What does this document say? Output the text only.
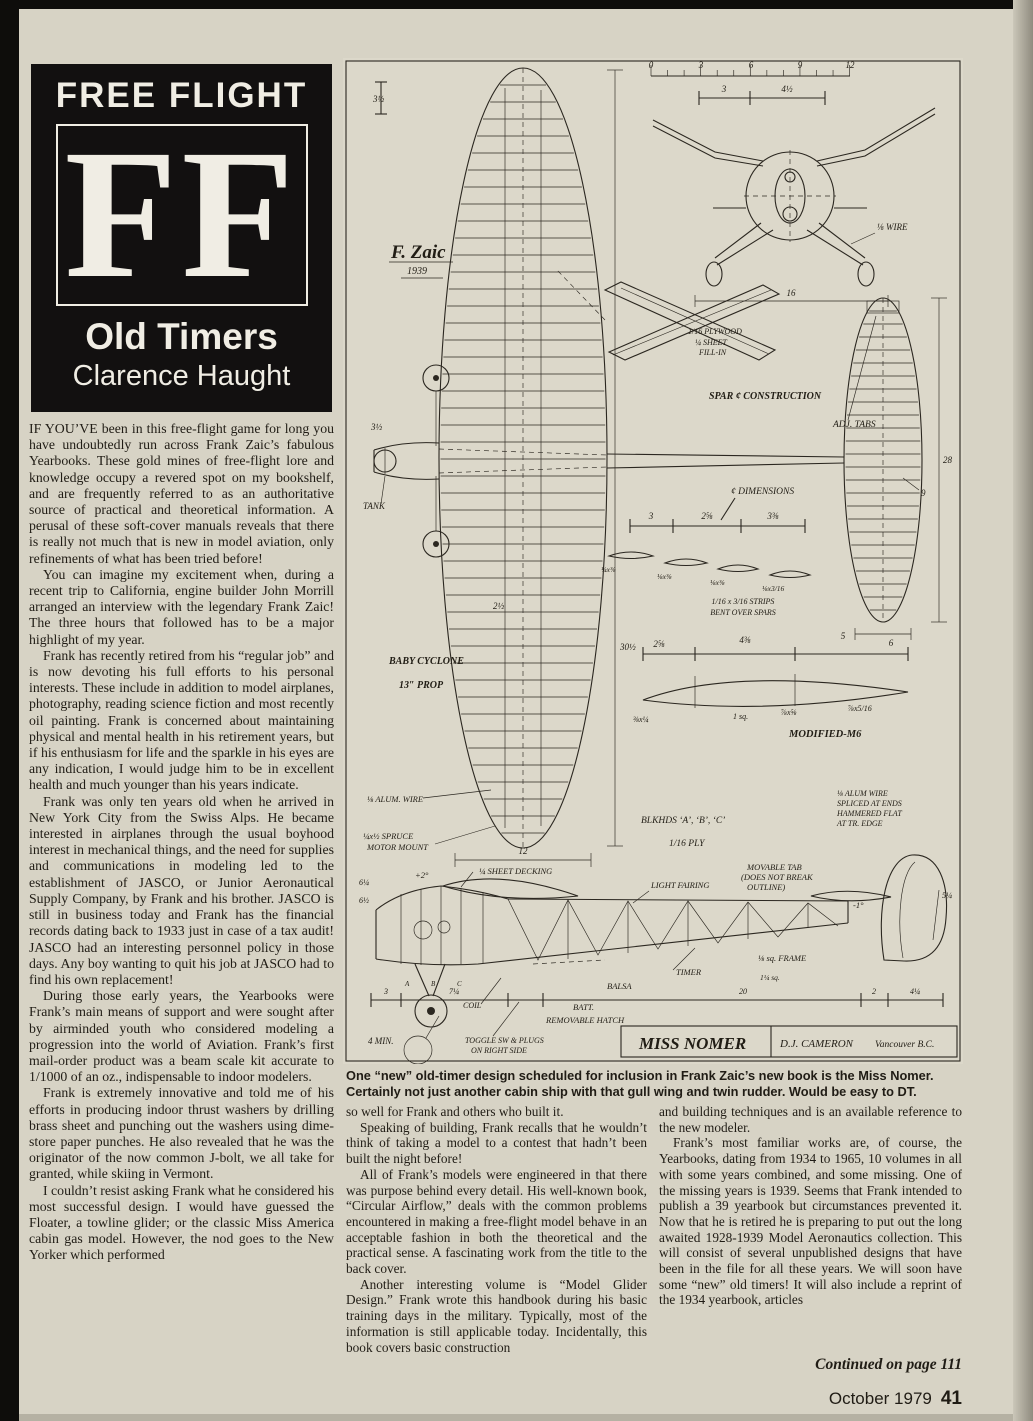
FREE FLIGHT
FF
Old Timers
Clarence Haught

IF YOU’VE been in this free-flight game for long you have undoubtedly run across Frank Zaic’s fabulous Yearbooks. These gold mines of free-flight lore and knowledge occupy a revered spot on my bookshelf, and are frequently referred to as an authoritative source of practical and theoretical information. A perusal of these soft-cover manuals reveals that there is really not much that is new in model aviation, only refinements of what has been tried before!

You can imagine my excitement when, during a recent trip to California, engine builder John Morrill arranged an interview with the legendary Frank Zaic! The three hours that followed has to be a major highlight of my year.

Frank has recently retired from his “regular job” and is now devoting his full efforts to his personal interests. These include in addition to model airplanes, photography, reading science fiction and most recently oil painting. Frank is concerned about maintaining physical and mental health in his retirement years, but if his enthusiasm for life and the sparkle in his eyes are any indication, I would judge him to be in excellent health and much younger than his years indicate.

Frank was only ten years old when he arrived in New York City from the Swiss Alps. He became interested in airplanes through the usual boyhood interest in mechanical things, and the need for supplies and communications in modeling led to the establishment of JASCO, or Junior Aeronautical Supply Company, by Frank and his brother. JASCO is still in business today and Frank has the financial records dating back to 1933 just in case of a tax audit! JASCO had an interesting personnel policy in those days. Any boy wanting to quit his job at JASCO had to find his own replacement!

During those early years, the Yearbooks were Frank’s main means of support and were sought after by airminded youth who considered modeling a progression into the world of Aviation. Frank’s first mail-order product was a beam scale kit accurate to 1/1000 of an oz., indispensable to indoor modelers.

Frank is extremely innovative and told me of his efforts in producing indoor thrust washers by drilling brass sheet and punching out the washers using dime-store paper punches. He also revealed that he was the originator of the now common J-bolt, we all take for granted, while skiing in Vermont.

I couldn’t resist asking Frank what he considered his most successful design. I would have guessed the Floater, a towline glider; or the classic Miss America cabin gas model. However, the nod goes to the New Yorker which performed

MISS NOMER	D.J. CAMERON Vancouver B.C.
F. Zaic
1939
3½
0	3	6	9	12
3	4½
⅛ WIRE
16
1/16 PLYWOOD
¼ SHEET
FILL-IN
SPAR ¢ CONSTRUCTION
ADJ. TABS
¢ DIMENSIONS
3	2⅝	3⅜
¼x⅜
⅛x⅜
⅛x⅜
⅛x3/16
1/16 x 3/16 STRIPS
BENT OVER SPARS
2⅝	4⅜	5
⅜x¼	1 sq.	⅞x⅝	⅞x5/16
MODIFIED-M6
BABY CYCLONE
13″ PROP
30½
2½
12
⅛ ALUM. WIRE
¼x½ SPRUCE
MOTOR MOUNT
BLKHDS ‘A’, ‘B’, ‘C’
1/16 PLY
⅛ ALUM WIRE
SPLICED AT ENDS
HAMMERED FLAT
AT TR. EDGE
MOVABLE TAB
(DOES NOT BREAK
OUTLINE)
¼ SHEET DECKING
+2°
LIGHT FAIRING
6¼
6½	-1°
5¼
TIMER
BALSA
⅛ sq. FRAME
1¼ sq.
BATT.
REMOVABLE HATCH
COIL
TOGGLE SW & PLUGS
ON RIGHT SIDE
4 MIN.
3	7¼	20	2	4¼
A	B	C
6
28
9
3½
TANK
One “new” old-timer design scheduled for inclusion in Frank Zaic’s new book is the Miss Nomer. Certainly not just another cabin ship with that gull wing and twin rudder. Would be easy to DT.

so well for Frank and others who built it.

Speaking of building, Frank recalls that he wouldn’t think of taking a model to a contest that hadn’t been built the night before!

All of Frank’s models were engineered in that there was purpose behind every detail. His well-known book, “Circular Airflow,” deals with the common problems encountered in making a free-flight model behave in an acceptable fashion in both the theoretical and the practical sense. A fascinating work from the title to the back cover.

Another interesting volume is “Model Glider Design.” Frank wrote this handbook during his basic training days in the military. Typically, most of the information is still applicable today. Incidentally, this book covers basic construction

and building techniques and is an available reference to the new modeler.

Frank’s most familiar works are, of course, the Yearbooks, dating from 1934 to 1965, 10 volumes in all with some years combined, and some missing. One of the missing years is 1939. Seems that Frank intended to publish a 39 yearbook but circumstances prevented it. Now that he is retired he is preparing to put out the long awaited 1928-1939 Model Aeronautics collection. This will consist of several unpublished designs that have been in the file for all these years. We will soon have some “new” old timers! It will also include a reprint of the 1934 yearbook, articles

Continued on page 111
October 1979 41
